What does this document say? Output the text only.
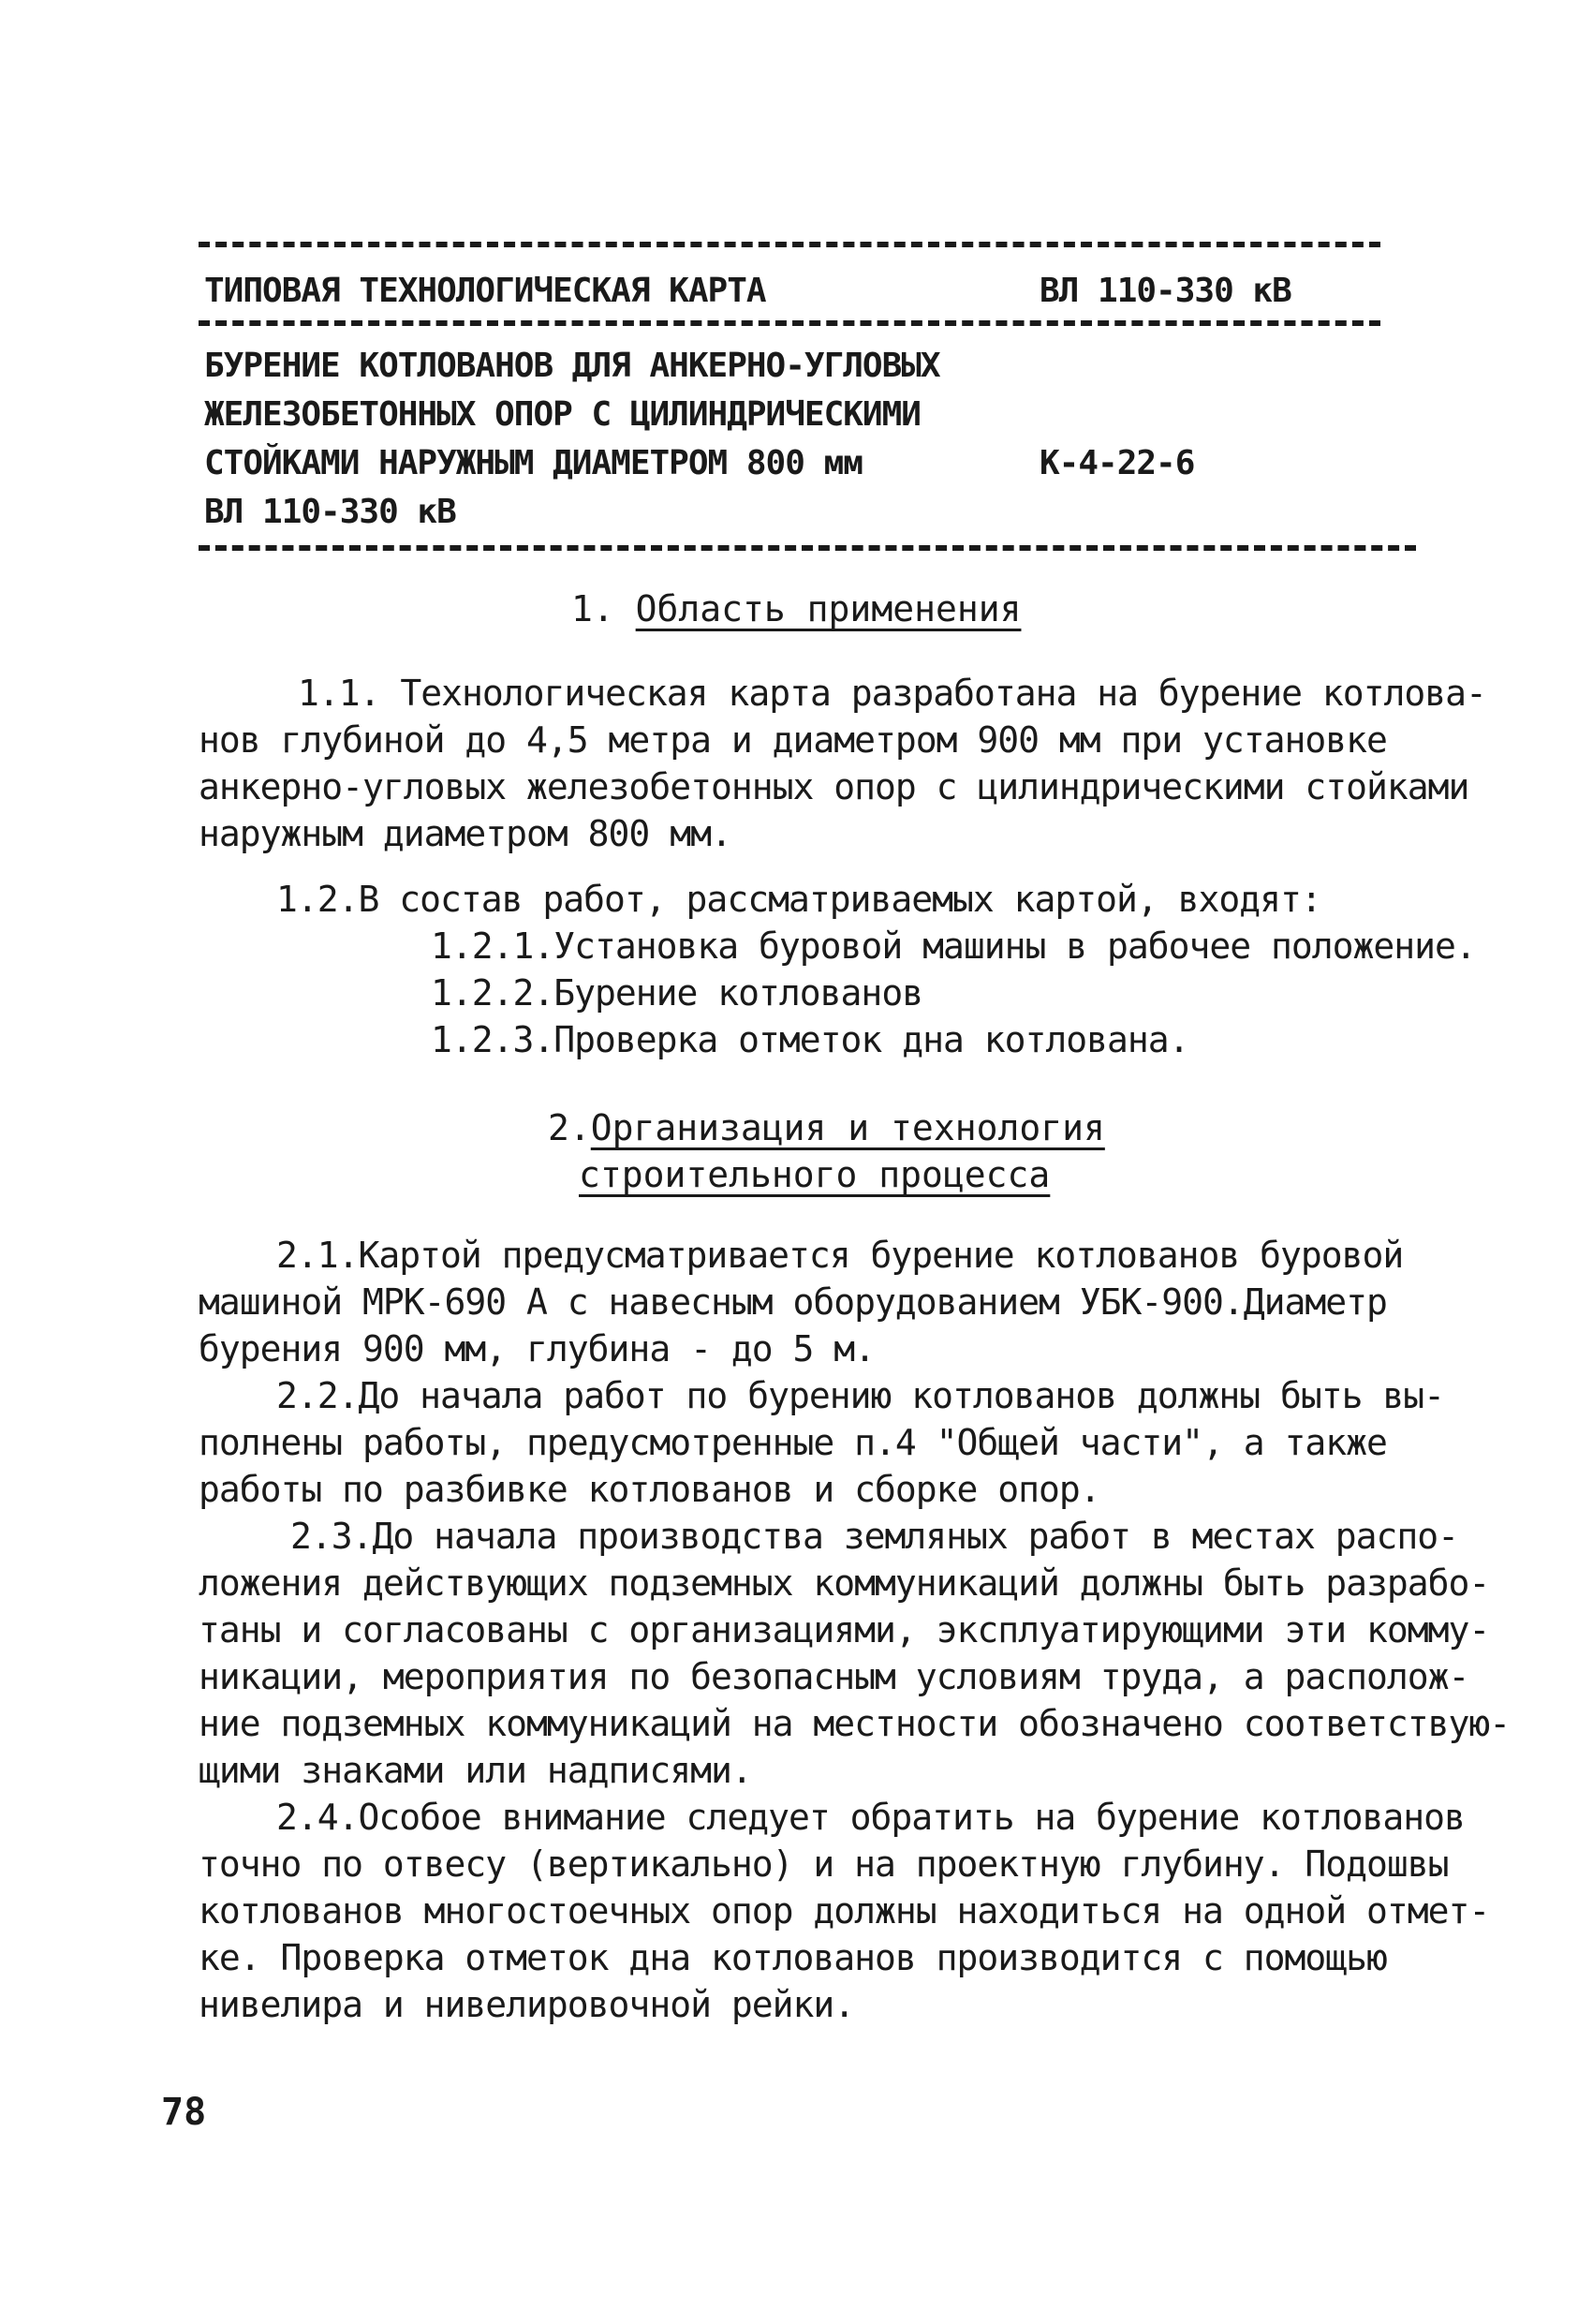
ТИПОВАЯ ТЕХНОЛОГИЧЕСКАЯ КАРТА	ВЛ 110-330 кВ
БУРЕНИЕ КОТЛОВАНОВ ДЛЯ АНКЕРНО-УГЛОВЫХ
ЖЕЛЕЗОБЕТОННЫХ ОПОР С ЦИЛИНДРИЧЕСКИМИ
СТОЙКАМИ НАРУЖНЫМ ДИАМЕТРОМ 800 мм	К-4-22-6
ВЛ 110-330 кВ
1. Область применения
1.1. Технологическая карта разработана на бурение котлова-
нов глубиной до 4,5 метра и диаметром 900 мм при установке
анкерно-угловых железобетонных опор с цилиндрическими стойками
наружным диаметром 800 мм.
1.2.В состав работ, рассматриваемых картой, входят:
1.2.1.Установка буровой машины в рабочее положение.
1.2.2.Бурение котлованов
1.2.3.Проверка отметок дна котлована.
2.Организация и технология
строительного процесса
2.1.Картой предусматривается бурение котлованов буровой
машиной МРК-690 А с навесным оборудованием УБК-900.Диаметр
бурения 900 мм, глубина - до 5 м.
2.2.До начала работ по бурению котлованов должны быть вы-
полнены работы, предусмотренные п.4 "Общей части", а также
работы по разбивке котлованов и сборке опор.
2.3.До начала производства земляных работ в местах распо-
ложения действующих подземных коммуникаций должны быть разрабо-
таны и согласованы с организациями, эксплуатирующими эти комму-
никации, мероприятия по безопасным условиям труда, а располож-
ние подземных коммуникаций на местности обозначено соответствую-
щими знаками или надписями.
2.4.Особое внимание следует обратить на бурение котлованов
точно по отвесу (вертикально) и на проектную глубину. Подошвы
котлованов многостоечных опор должны находиться на одной отмет-
ке. Проверка отметок дна котлованов производится с помощью
нивелира и нивелировочной рейки.
78
